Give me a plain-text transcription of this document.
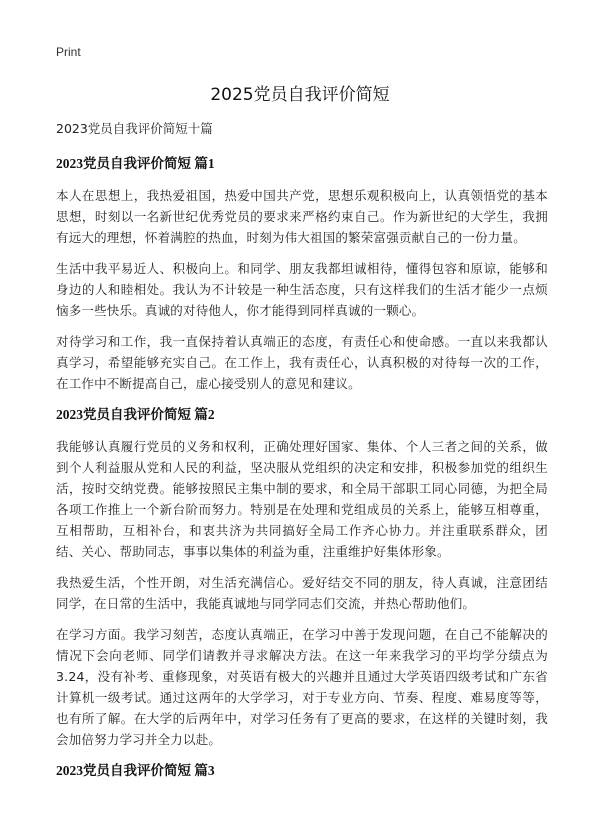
Print
2025党员自我评价简短

2023党员自我评价简短十篇

2023党员自我评价简短 篇1

本人在思想上，我热爱祖国，热爱中国共产党，思想乐观积极向上，认真领悟党的基本思想，时刻以一名新世纪优秀党员的要求来严格约束自己。作为新世纪的大学生，我拥有远大的理想，怀着满腔的热血，时刻为伟大祖国的繁荣富强贡献自己的一份力量。

生活中我平易近人、积极向上。和同学、朋友我都坦诚相待，懂得包容和原谅，能够和身边的人和睦相处。我认为不计较是一种生活态度，只有这样我们的生活才能少一点烦恼多一些快乐。真诚的对待他人，你才能得到同样真诚的一颗心。

对待学习和工作，我一直保持着认真端正的态度，有责任心和使命感。一直以来我都认真学习，希望能够充实自己。在工作上，我有责任心，认真积极的对待每一次的工作，在工作中不断提高自己，虚心接受别人的意见和建议。

2023党员自我评价简短 篇2

我能够认真履行党员的义务和权利，正确处理好国家、集体、个人三者之间的关系，做到个人利益服从党和人民的利益，坚决服从党组织的决定和安排，积极参加党的组织生活，按时交纳党费。能够按照民主集中制的要求，和全局干部职工同心同德，为把全局各项工作推上一个新台阶而努力。特别是在处理和党组成员的关系上，能够互相尊重，互相帮助，互相补台，和衷共济为共同搞好全局工作齐心协力。并注重联系群众，团结、关心、帮助同志，事事以集体的利益为重，注重维护好集体形象。

我热爱生活，个性开朗，对生活充满信心。爱好结交不同的朋友，待人真诚，注意团结同学，在日常的生活中，我能真诚地与同学同志们交流，并热心帮助他们。

在学习方面。我学习刻苦，态度认真端正，在学习中善于发现问题，在自己不能解决的情况下会向老师、同学们请教并寻求解决方法。在这一年来我学习的平均学分绩点为3.24，没有补考、重修现象，对英语有极大的兴趣并且通过大学英语四级考试和广东省计算机一级考试。通过这两年的大学学习，对于专业方向、节奏、程度、难易度等等，也有所了解。在大学的后两年中，对学习任务有了更高的要求，在这样的关键时刻，我会加倍努力学习并全力以赴。

2023党员自我评价简短 篇3
